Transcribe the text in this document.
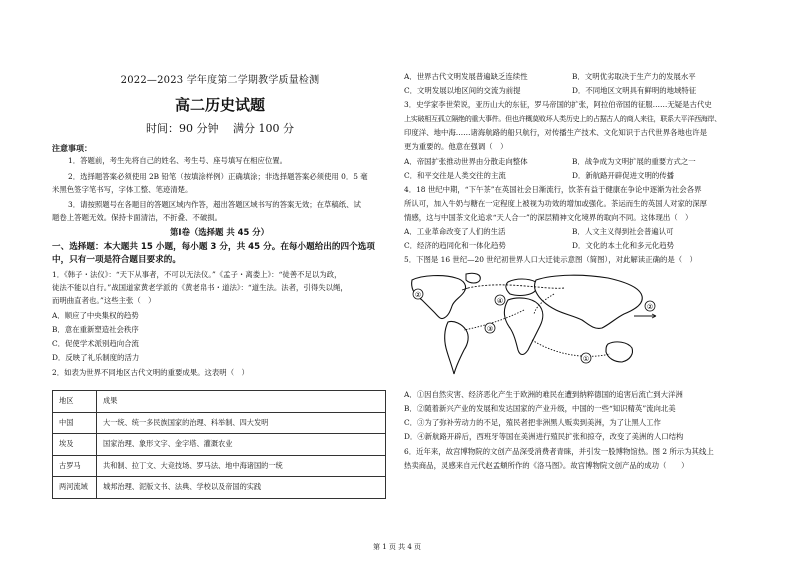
2022—2023 学年度第二学期教学质量检测
高二历史试题
时间：90 分钟　 满分 100 分
注意事项：
1．答题前，考生先将自己的姓名、考生号、座号填写在相应位置。
2．选择题答案必须使用 2B 铅笔（按填涂样例）正确填涂；非选择题答案必须使用 0．5 毫
米黑色签字笔书写，字体工整、笔迹清楚。
3．请按照题号在各题目的答题区域内作答，超出答题区域书写的答案无效；在草稿纸、试
题卷上答题无效。保持卡面清洁，不折叠、不破损。
第Ⅰ卷（选择题 共 45 分）
一、选择题：本大题共 15 小题，每小题 3 分，共 45 分。在每小题给出的四个选项
中，只有一项是符合题目要求的。
1．《韩子・法仪》：“天下从事者，不可以无法仪。”《孟子・离娄上》：“徒善不足以为政，
徒法不能以自行。”战国道家黄老学派的《黄老帛书・道法》：“道生法。法者，引得失以绳，
而明曲直者也。”这些主张（　）
A．顺应了中央集权的趋势
B．意在重新塑造社会秩序
C．促使学术派别趋向合流
D．反映了礼乐制度的活力
2．如表为世界不同地区古代文明的重要成果。这表明（　）
地区	成果
中国	大一统、统一多民族国家的治理、科举制、四大发明
埃及	国家治理、象形文字、金字塔、灌溉农业
古罗马	共和制、拉丁文、大竞技场、罗马法、地中海诸国的一统
两河流域	城邦治理、泥版文书、法典、学校以及帝国的实践
A．世界古代文明发展普遍缺乏连续性	B．文明优劣取决于生产力的发展水平
C．文明发展以地区间的交流为前提	D．不同地区文明具有鲜明的地域特征
3．史学家李世荣说，亚历山大的东征，罗马帝国的扩张，阿拉伯帝国的征服……无疑是古代史
上实破相互孤立隔绝的重大事件。但也许概莫败坏人类历史上的占据古人的商人来往，联系大平洋西海岸、
印度洋、地中海……诸海航路的船只航行，对传播生产技术、文化知识于古代世界各地也许是
更为重要的。他意在强调（　）
A．帝国扩张推动世界由分散走向整体	B．战争成为文明扩展的重要方式之一
C．和平交往是人类交往的主流	D．新航路开辟促进文明的传播
4．18 世纪中期，“下午茶”在英国社会日渐流行，饮茶有益于健康在争论中逐渐为社会各界
所认可，加入牛奶与糖在一定程度上被视为功效的增加或强化。茶运而生的英国人对家的深厚
情感，这与中国茶文化追求“天人合一”的深层精神文化境界的取向不同。这体现出（　）
A．工业革命改变了人们的生活	B．人文主义得到社会普遍认可
C．经济的趋同化和一体化趋势	D．文化的本土化和多元化趋势
5．下图是 16 世纪—20 世纪初世界人口大迁徙示意图（简图），对此解读正确的是（　）
②
④
③
①
②
A．①因自然灾害、经济恶化产生于欧洲的难民在遭到纳粹德国的追害后流亡到大洋洲
B．②随着新兴产业的发展和发达国家的产业升级，中国的一些“知识精英”流向北美
C．③为了弥补劳动力的不足，殖民者把非洲黑人贩卖到美洲，为了让黑人工作
D．④新航路开辟后，西班牙等国在美洲进行殖民扩张和掠夺，改变了美洲的人口结构
6．近年来，故宫博物院的文创产品深受消费者青睐，并引发一股博物馆热。图 2 所示为其线上
热卖商品，灵感来自元代赵孟頫所作的《洛马图》。故宫博物院文创产品的成功（　　）
第 1 页 共 4 页
